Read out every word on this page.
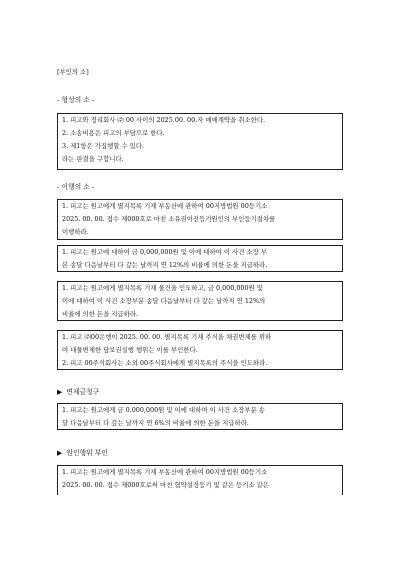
[부인의 소]
- 형성의 소 -
1. 피고와 정리회사 ㈜ 00 사이의 2025.00. 00.자 매매계약을 취소한다.
2. 소송비용은 피고의 부담으로 한다.
3. 제1항은 가집행할 수 있다.
라는 판결을 구합니다.
- 이행의 소 -
1. 피고는 원고에게 별지목록 기재 부동산에 관하여 00지방법원 00등기소
2025. 00. 00. 접수 제000호로 마친 소유권이전등기원인의 부인등기절차를
이행하라.
1. 피고는 원고에 대하여 금 0,000,000원 및 이에 대하여 이 사건 소장 부
본 송달 다음날부터 다 갚는 날까지 연 12%의 비율에 의한 돈을 지급하라.
1. 피고는 원고에게 별지목록 기재 물건을 인도하고, 금 0,000,000원 및
이에 대하여 이 사건 소장부분 송달 다음날부터 다 갚는 날까지 연 12%의
비율에 의한 돈을 지급하라.
1. 피고 ㈜00은행이 2025. 00. 00. 별지목록 기재 주식을 채권변제를 위하
여 대물변제한 담보권실행 행위는 이를 부인한다.
2. 피고 00주식회사는 소외 00주식회사에게 별지목록의 주식을 인도하라.
▶ 변제금청구
1. 피고는 원고에게 금 0.000,000원 및 이에 대하여 이 사건 소장부분 송
달 다음날부터 다 갚는 날까지 연 6%의 비율에 의한 돈을 지급하라.
▶ 원인행위 부인
1. 피고는 원고에게 별지목록 기재 부동산에 관하여 00지방법원 00등기소
2025. 00. 00. 접수 제000호로써 마친 협약설정등기 및 같은 등기소 같은
